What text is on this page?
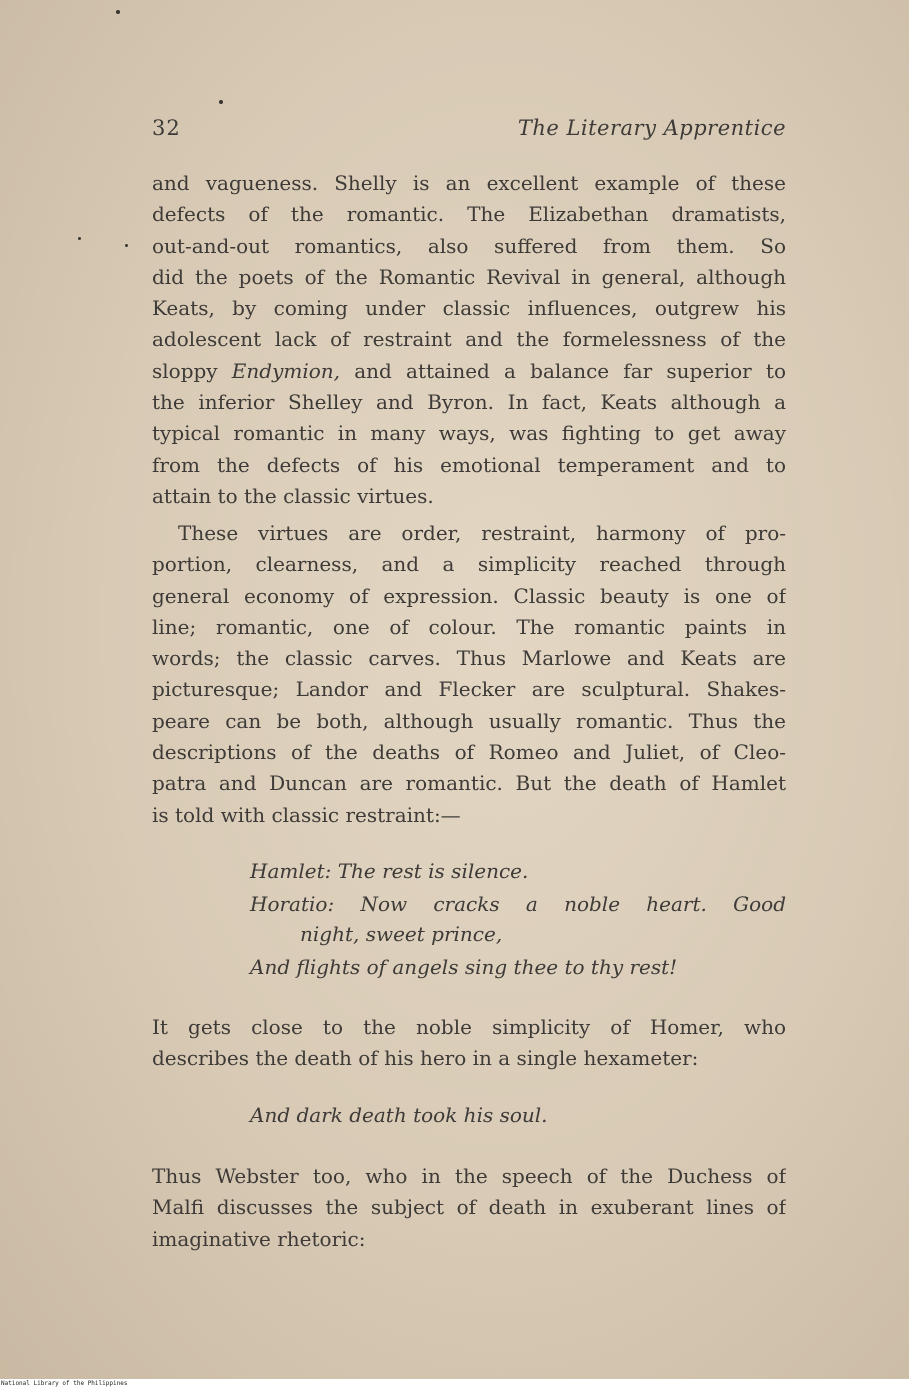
32	The Literary Apprentice
and vagueness. Shelly is an excellent example of these
defects of the romantic. The Elizabethan dramatists,
out-and-out romantics, also suffered from them. So
did the poets of the Romantic Revival in general, although
Keats, by coming under classic influences, outgrew his
adolescent lack of restraint and the formelessness of the
sloppy Endymion, and attained a balance far superior to
the inferior Shelley and Byron. In fact, Keats although a
typical romantic in many ways, was fighting to get away
from the defects of his emotional temperament and to
attain to the classic virtues.
These virtues are order, restraint, harmony of pro-
portion, clearness, and a simplicity reached through
general economy of expression. Classic beauty is one of
line; romantic, one of colour. The romantic paints in
words; the classic carves. Thus Marlowe and Keats are
picturesque; Landor and Flecker are sculptural. Shakes-
peare can be both, although usually romantic. Thus the
descriptions of the deaths of Romeo and Juliet, of Cleo-
patra and Duncan are romantic. But the death of Hamlet
is told with classic restraint:—
Hamlet: The rest is silence.
Horatio: Now cracks a noble heart. Good
night, sweet prince,
And flights of angels sing thee to thy rest!
It gets close to the noble simplicity of Homer, who
describes the death of his hero in a single hexameter:
And dark death took his soul.
Thus Webster too, who in the speech of the Duchess of
Malfi discusses the subject of death in exuberant lines of
imaginative rhetoric:
National Library of the Philippines
